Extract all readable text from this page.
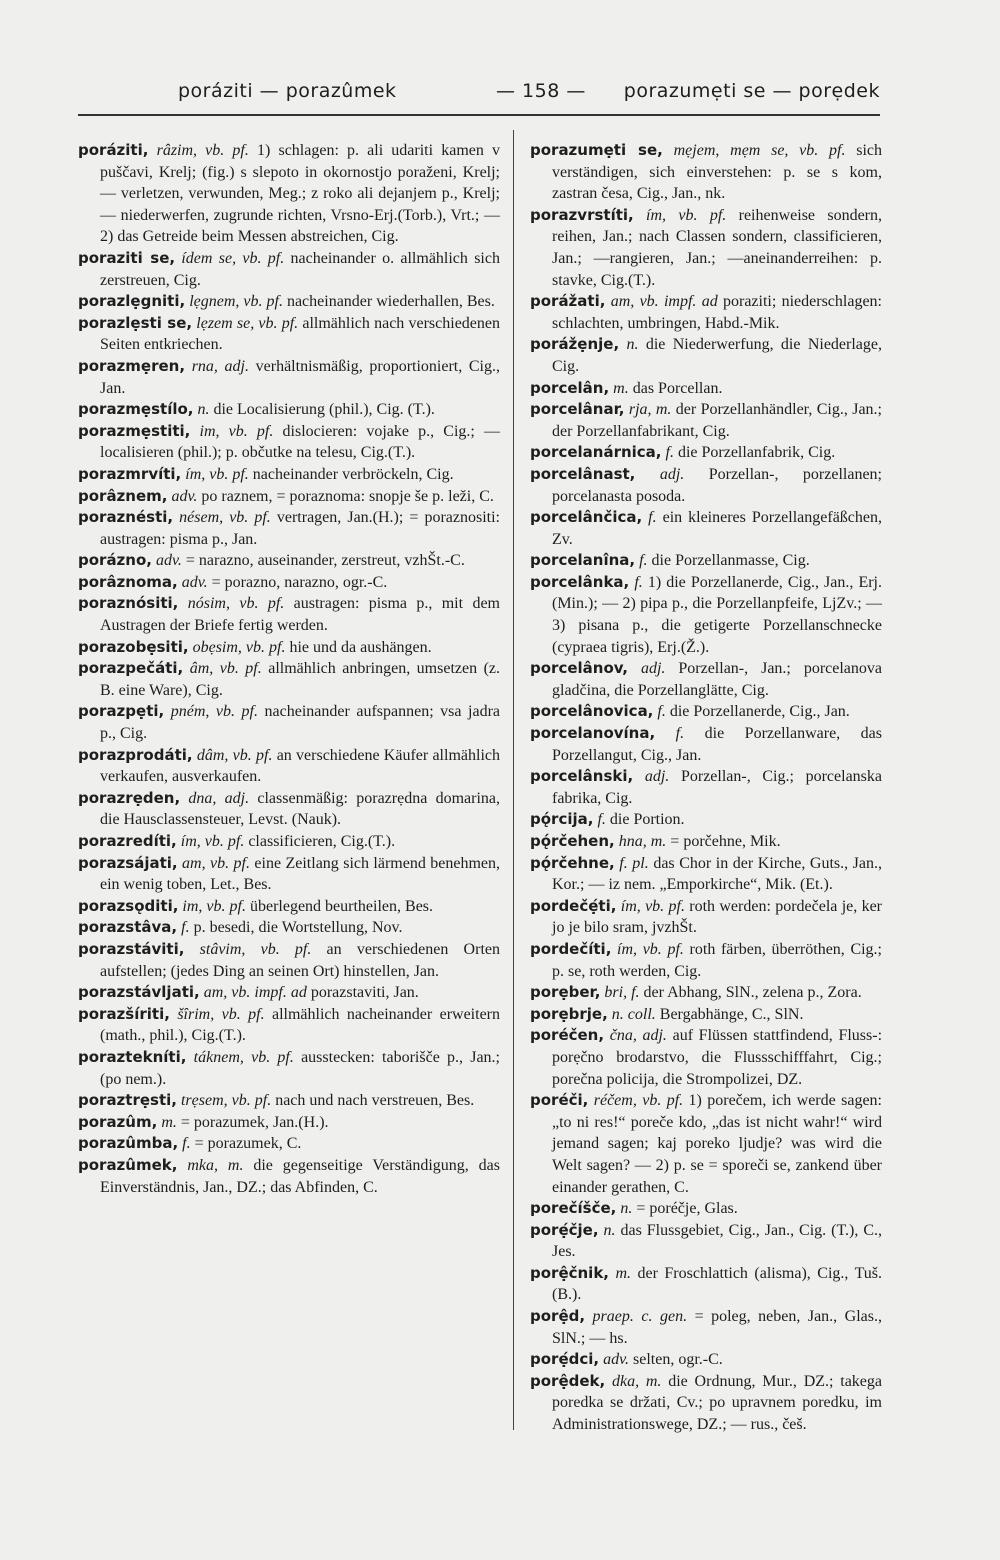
poráziti — porazûmek	— 158 — porazumẹti se — porẹdek

poráziti, râzim, vb. pf. 1) schlagen: p. ali udariti kamen v puščavi, Krelj; (fig.) s slepoto in okornostjo poraženi, Krelj; — verletzen, verwunden, Meg.; z roko ali dejanjem p., Krelj; — niederwerfen, zugrunde richten, Vrsno-Erj.(Torb.), Vrt.; — 2) das Getreide beim Messen abstreichen, Cig.

poraziti se, ídem se, vb. pf. nacheinander o. allmählich sich zerstreuen, Cig.

porazlẹgniti, lẹgnem, vb. pf. nacheinander wiederhallen, Bes.

porazlẹsti se, lẹzem se, vb. pf. allmählich nach verschiedenen Seiten entkriechen.

porazmẹren, rna, adj. verhältnismäßig, proportioniert, Cig., Jan.

porazmẹstílo, n. die Localisierung (phil.), Cig. (T.).

porazmẹstiti, im, vb. pf. dislocieren: vojake p., Cig.; — localisieren (phil.); p. občutke na telesu, Cig.(T.).

porazmrvíti, ím, vb. pf. nacheinander verbröckeln, Cig.

porâznem, adv. po raznem, = poraznoma: snopje še p. leži, C.

poraznésti, nésem, vb. pf. vertragen, Jan.(H.); = poraznositi: austragen: pisma p., Jan.

porázno, adv. = narazno, auseinander, zerstreut, vzhŠt.-C.

porâznoma, adv. = porazno, narazno, ogr.-C.

poraznósiti, nósim, vb. pf. austragen: pisma p., mit dem Austragen der Briefe fertig werden.

porazobẹsiti, obẹsim, vb. pf. hie und da aushängen.

porazpečáti, âm, vb. pf. allmählich anbringen, umsetzen (z. B. eine Ware), Cig.

porazpẹti, pném, vb. pf. nacheinander aufspannen; vsa jadra p., Cig.

porazprodáti, dâm, vb. pf. an verschiedene Käufer allmählich verkaufen, ausverkaufen.

porazrẹden, dna, adj. classenmäßig: porazrẹdna domarina, die Hausclassensteuer, Levst. (Nauk).

porazredíti, ím, vb. pf. classificieren, Cig.(T.).

porazsájati, am, vb. pf. eine Zeitlang sich lärmend benehmen, ein wenig toben, Let., Bes.

porazsǫditi, im, vb. pf. überlegend beurtheilen, Bes.

porazstâva, f. p. besedi, die Wortstellung, Nov.

porazstáviti, stâvim, vb. pf. an verschiedenen Orten aufstellen; (jedes Ding an seinen Ort) hinstellen, Jan.

porazstávljati, am, vb. impf. ad porazstaviti, Jan.

porazšíriti, šîrim, vb. pf. allmählich nacheinander erweitern (math., phil.), Cig.(T.).

poraztekníti, táknem, vb. pf. ausstecken: taborišče p., Jan.; (po nem.).

poraztrẹsti, trẹsem, vb. pf. nach und nach verstreuen, Bes.

porazûm, m. = porazumek, Jan.(H.).

porazûmba, f. = porazumek, C.

porazûmek, mka, m. die gegenseitige Verständigung, das Einverständnis, Jan., DZ.; das Abfinden, C.

porazumẹti se, mẹjem, mẹm se, vb. pf. sich verständigen, sich einverstehen: p. se s kom, zastran česa, Cig., Jan., nk.

porazvrstíti, ím, vb. pf. reihenweise sondern, reihen, Jan.; nach Classen sondern, classificieren, Jan.; —rangieren, Jan.; —aneinanderreihen: p. stavke, Cig.(T.).

porážati, am, vb. impf. ad poraziti; niederschlagen: schlachten, umbringen, Habd.-Mik.

porážẹnje, n. die Niederwerfung, die Niederlage, Cig.

porcelân, m. das Porcellan.

porcelânar, rja, m. der Porzellanhändler, Cig., Jan.; der Porzellanfabrikant, Cig.

porcelanárnica, f. die Porzellanfabrik, Cig.

porcelânast, adj. Porzellan-, porzellanen; porcelanasta posoda.

porcelânčica, f. ein kleineres Porzellangefäßchen, Zv.

porcelanîna, f. die Porzellanmasse, Cig.

porcelânka, f. 1) die Porzellanerde, Cig., Jan., Erj.(Min.); — 2) pipa p., die Porzellanpfeife, LjZv.; — 3) pisana p., die getigerte Porzellanschnecke (cypraea tigris), Erj.(Ž.).

porcelânov, adj. Porzellan-, Jan.; porcelanova gladčina, die Porzellanglätte, Cig.

porcelânovica, f. die Porzellanerde, Cig., Jan.

porcelanovína, f. die Porzellanware, das Porzellangut, Cig., Jan.

porcelânski, adj. Porzellan-, Cig.; porcelanska fabrika, Cig.

pǫ́rcija, f. die Portion.

pǫ́rčehen, hna, m. = porčehne, Mik.

pǫ́rčehne, f. pl. das Chor in der Kirche, Guts., Jan., Kor.; — iz nem. „Emporkirche“, Mik. (Et.).

pordečẹ́ti, ím, vb. pf. roth werden: pordečela je, ker jo je bilo sram, jvzhŠt.

pordečíti, ím, vb. pf. roth färben, überröthen, Cig.; p. se, roth werden, Cig.

porẹber, bri, f. der Abhang, SlN., zelena p., Zora.

porẹbrje, n. coll. Bergabhänge, C., SlN.

poréčen, čna, adj. auf Flüssen stattfindend, Fluss-: porẹčno brodarstvo, die Flussschifffahrt, Cig.; porečna policija, die Strompolizei, DZ.

poréči, réčem, vb. pf. 1) porečem, ich werde sagen: „to ni res!“ poreče kdo, „das ist nicht wahr!“ wird jemand sagen; kaj poreko ljudje? was wird die Welt sagen? — 2) p. se = sporeči se, zankend über einander gerathen, C.

porečíšče, n. = poréčje, Glas.

porẹ́čje, n. das Flussgebiet, Cig., Jan., Cig. (T.), C., Jes.

porệčnik, m. der Froschlattich (alisma), Cig., Tuš.(B.).

porệd, praep. c. gen. = poleg, neben, Jan., Glas., SlN.; — hs.

porẹ́dci, adv. selten, ogr.-C.

porệdek, dka, m. die Ordnung, Mur., DZ.; takega poredka se držati, Cv.; po upravnem poredku, im Administrationswege, DZ.; — rus., češ.
